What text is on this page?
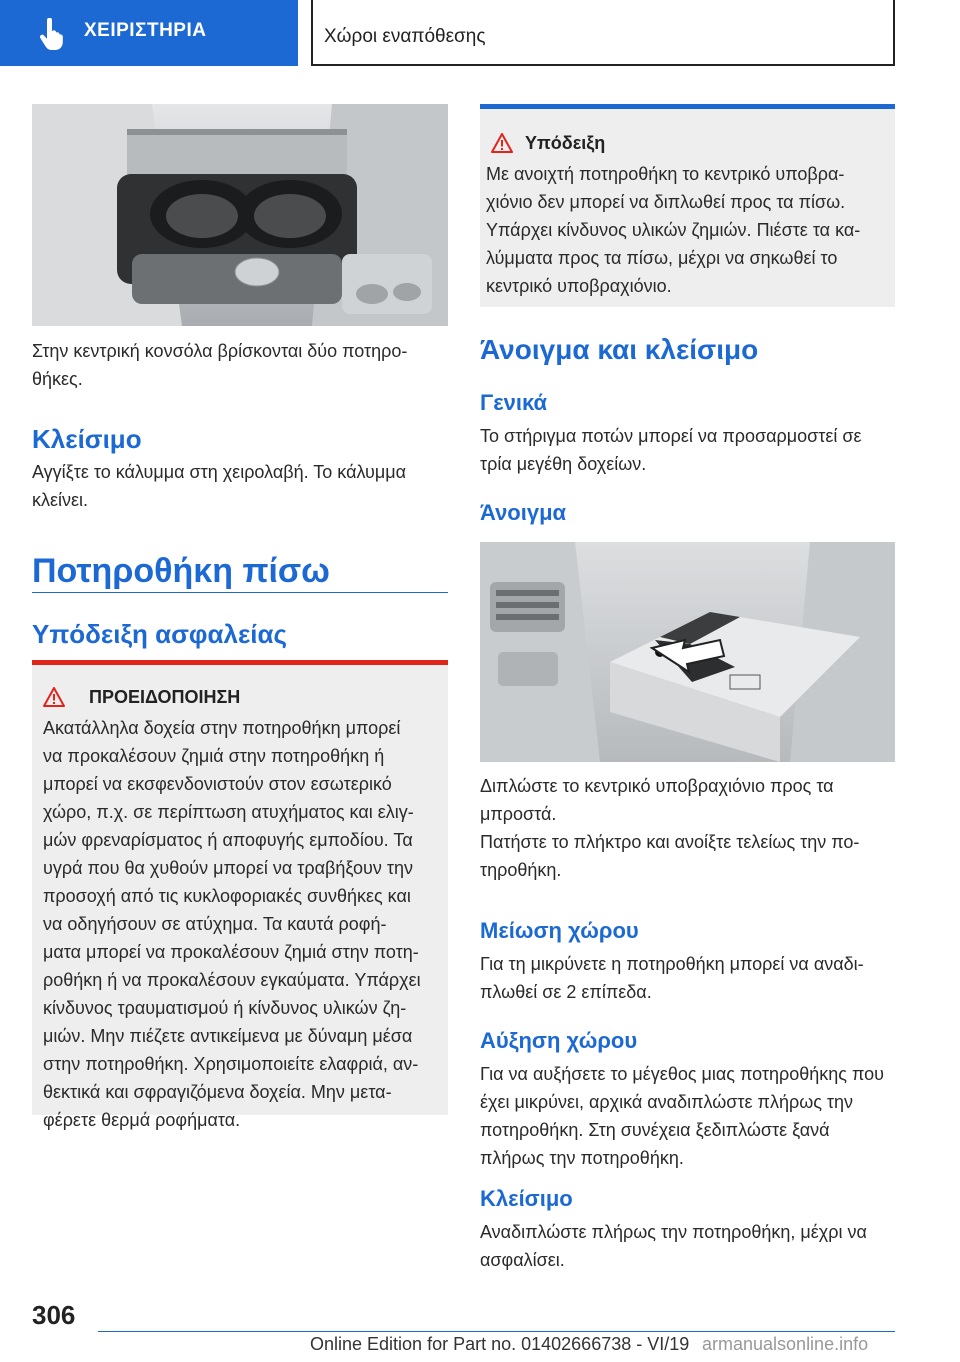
ΧΕΙΡΙΣΤΗΡΙΑ	Χώροι εναπόθεσης
Στην κεντρική κονσόλα βρίσκονται δύο ποτηρο-θήκες.
Κλείσιμο
Αγγίξτε το κάλυμμα στη χειρολαβή. Το κάλυμμα κλείνει.
Ποτηροθήκη πίσω
Υπόδειξη ασφαλείας
ΠΡΟΕΙΔΟΠΟΙΗΣΗ
Ακατάλληλα δοχεία στην ποτηροθήκη μπορεί
να προκαλέσουν ζημιά στην ποτηροθήκη ή
μπορεί να εκσφενδονιστούν στον εσωτερικό
χώρο, π.χ. σε περίπτωση ατυχήματος και ελιγ-
μών φρεναρίσματος ή αποφυγής εμποδίου. Τα
υγρά που θα χυθούν μπορεί να τραβήξουν την
προσοχή από τις κυκλοφοριακές συνθήκες και
να οδηγήσουν σε ατύχημα. Τα καυτά ροφή-
ματα μπορεί να προκαλέσουν ζημιά στην ποτη-
ροθήκη ή να προκαλέσουν εγκαύματα. Υπάρχει
κίνδυνος τραυματισμού ή κίνδυνος υλικών ζη-
μιών. Μην πιέζετε αντικείμενα με δύναμη μέσα
στην ποτηροθήκη. Χρησιμοποιείτε ελαφριά, αν-
θεκτικά και σφραγιζόμενα δοχεία. Μην μετα-
φέρετε θερμά ροφήματα.
Υπόδειξη
Με ανοιχτή ποτηροθήκη το κεντρικό υποβρα-
χιόνιο δεν μπορεί να διπλωθεί προς τα πίσω.
Υπάρχει κίνδυνος υλικών ζημιών. Πιέστε τα κα-
λύμματα προς τα πίσω, μέχρι να σηκωθεί το
κεντρικό υποβραχιόνιο.
Άνοιγμα και κλείσιμο
Γενικά
Το στήριγμα ποτών μπορεί να προσαρμοστεί σε τρία μεγέθη δοχείων.
Άνοιγμα
Διπλώστε το κεντρικό υποβραχιόνιο προς τα μπροστά.
Πατήστε το πλήκτρο και ανοίξτε τελείως την πο-τηροθήκη.
Μείωση χώρου
Για τη μικρύνετε η ποτηροθήκη μπορεί να αναδι-πλωθεί σε 2 επίπεδα.
Αύξηση χώρου
Για να αυξήσετε το μέγεθος μιας ποτηροθήκης που έχει μικρύνει, αρχικά αναδιπλώστε πλήρως την ποτηροθήκη. Στη συνέχεια ξεδιπλώστε ξανά πλήρως την ποτηροθήκη.
Κλείσιμο
Αναδιπλώστε πλήρως την ποτηροθήκη, μέχρι να ασφαλίσει.
306
Online Edition for Part no. 01402666738 - VI/19 armanualsonline.info
